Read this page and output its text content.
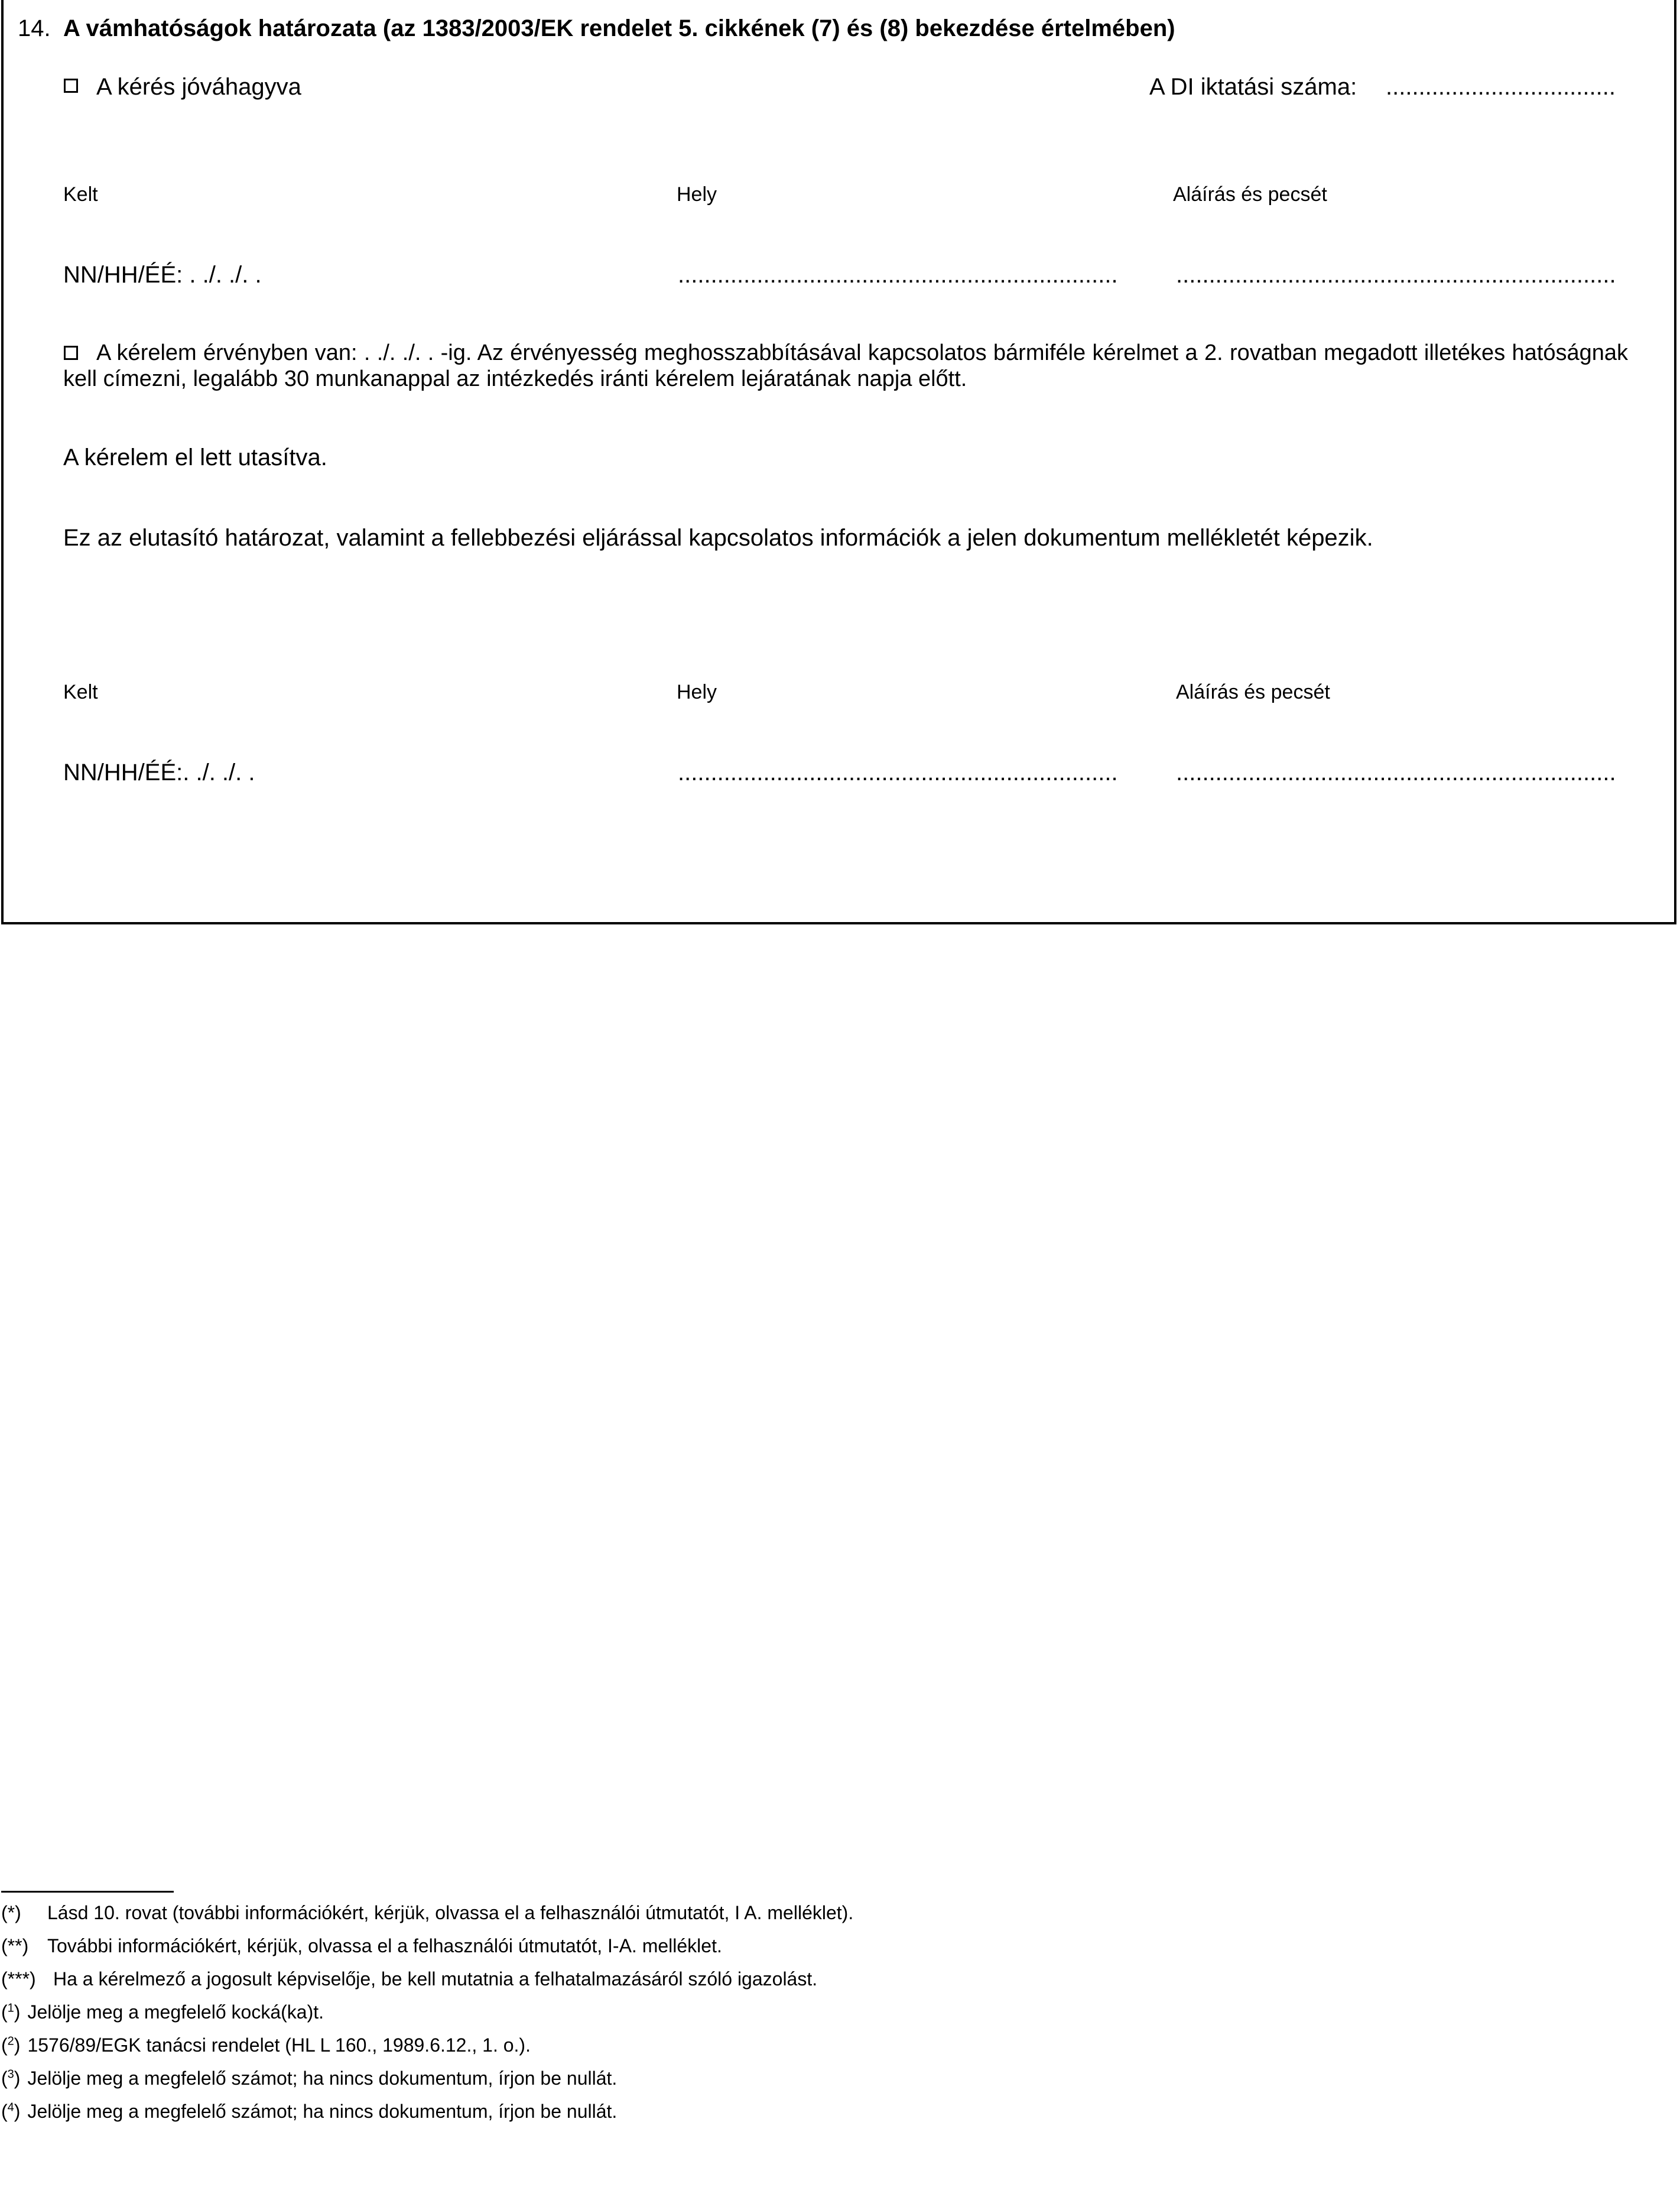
14. A vámhatóságok határozata (az 1383/2003/EK rendelet 5. cikkének (7) és (8) bekezdése értelmében)
A kérés jóváhagyva	A DI iktatási száma: ...................................
Kelt	Hely	Aláírás és pecsét
NN/HH/ÉÉ: . ./. ./. .	................................................................... ...................................................................
A kérelem érvényben van: . ./. ./. . -ig. Az érvényesség meghosszabbításával kapcsolatos bármiféle kérelmet a 2. rovatban megadott illetékes hatóságnak kell címezni, legalább 30 munkanappal az intézkedés iránti kérelem lejáratának napja előtt.
A kérelem el lett utasítva.
Ez az elutasító határozat, valamint a fellebbezési eljárással kapcsolatos információk a jelen dokumentum mellékletét képezik.
Kelt	Hely	Aláírás és pecsét
NN/HH/ÉÉ:. ./. ./. .	................................................................... ...................................................................
(*) Lásd 10. rovat (további információkért, kérjük, olvassa el a felhasználói útmutatót, I A. melléklet).
(**) További információkért, kérjük, olvassa el a felhasználói útmutatót, I-A. melléklet.
(***) Ha a kérelmező a jogosult képviselője, be kell mutatnia a felhatalmazásáról szóló igazolást.
($^1$) Jelölje meg a megfelelő kocká(ka)t.
($^2$) 1576/89/EGK tanácsi rendelet (HL L 160., 1989.6.12., 1. o.).
($^3$) Jelölje meg a megfelelő számot; ha nincs dokumentum, írjon be nullát.
($^4$) Jelölje meg a megfelelő számot; ha nincs dokumentum, írjon be nullát.
